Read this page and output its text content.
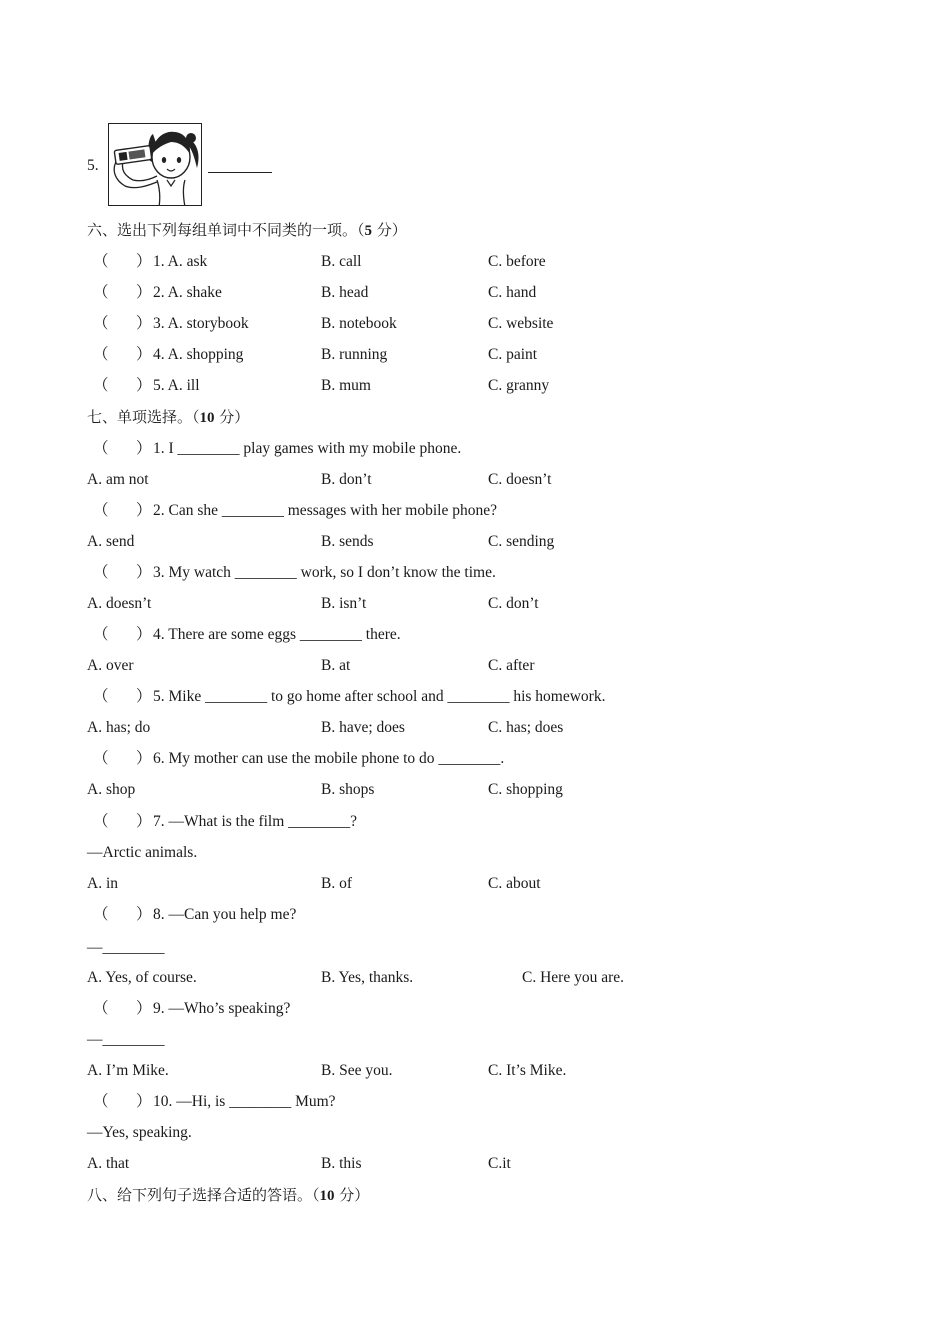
5.
六、选出下列每组单词中不同类的一项。（5 分）
（ ） 1. A. ask	B. call	C. before
（ ） 2. A. shake	B. head	C. hand
（ ） 3. A. storybook	B. notebook	C. website
（ ） 4. A. shopping	B. running	C. paint
（ ） 5. A. ill	B. mum	C. granny
七、单项选择。（10 分）
（ ） 1. I ________ play games with my mobile phone.
A. am not	B. don’t	C. doesn’t
（ ） 2. Can she ________ messages with her mobile phone?
A. send	B. sends	C. sending
（ ） 3. My watch ________ work, so I don’t know the time.
A. doesn’t	B. isn’t	C. don’t
（ ） 4. There are some eggs ________ there.
A. over	B. at	C. after
（ ） 5. Mike ________ to go home after school and ________ his homework.
A. has; do	B. have; does	C. has; does
（ ） 6. My mother can use the mobile phone to do ________.
A. shop	B. shops	C. shopping
（ ） 7. —What is the film ________?
—Arctic animals.
A. in	B. of	C. about
（ ） 8. —Can you help me?
—________
A. Yes, of course.	B. Yes, thanks.	C. Here you are.
（ ） 9. —Who’s speaking?
—________
A. I’m Mike.	B. See you.	C. It’s Mike.
（ ） 10. —Hi, is ________ Mum?
—Yes, speaking.
A. that	B. this	C.it
八、给下列句子选择合适的答语。（10 分）
